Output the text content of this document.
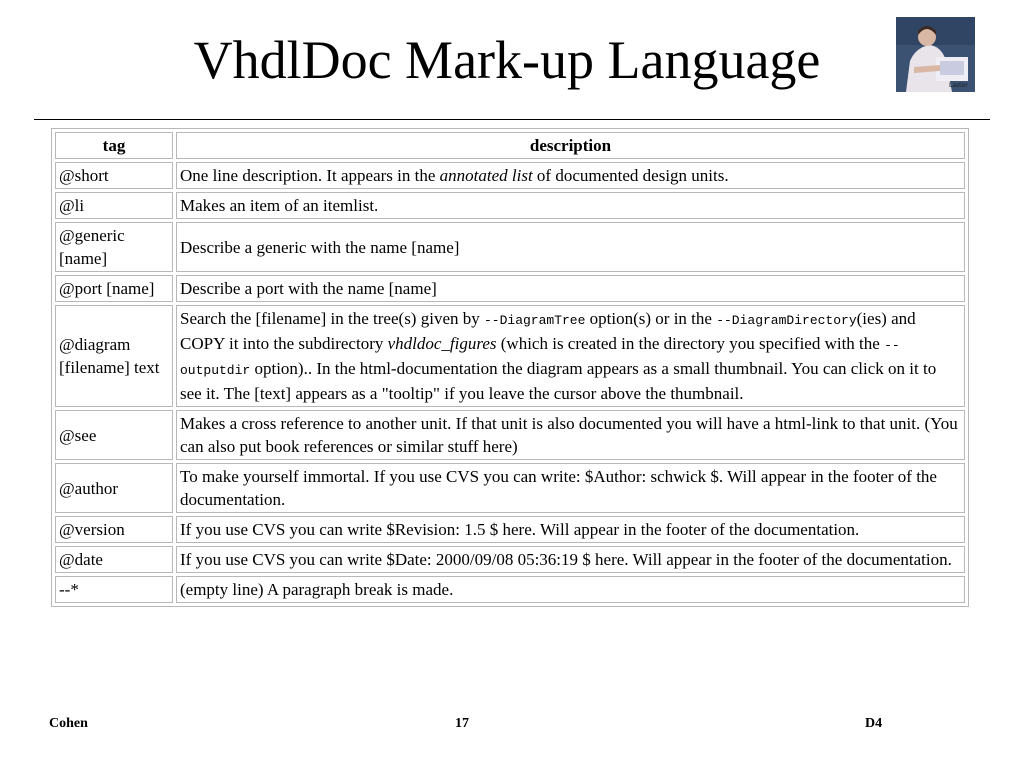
VhdlDoc Mark-up Language	Laster
tag	description
@short	One line description. It appears in the annotated list of documented design units.
@li	Makes an item of an itemlist.
@generic [name]	Describe a generic with the name [name]
@port [name]	Describe a port with the name [name]
@diagram [filename] text	Search the [filename] in the tree(s) given by --DiagramTree option(s) or in the --DiagramDirectory(ies) and COPY it into the subdirectory vhdldoc_figures (which is created in the directory you specified with the --outputdir option).. In the html-documentation the diagram appears as a small thumbnail. You can click on it to see it. The [text] appears as a "tooltip" if you leave the cursor above the thumbnail.
@see	Makes a cross reference to another unit. If that unit is also documented you will have a html-link to that unit. (You can also put book references or similar stuff here)
@author	To make yourself immortal. If you use CVS you can write: $Author: schwick $. Will appear in the footer of the documentation.
@version	If you use CVS you can write $Revision: 1.5 $ here. Will appear in the footer of the documentation.
@date	If you use CVS you can write $Date: 2000/09/08 05:36:19 $ here. Will appear in the footer of the documentation.
--*	(empty line) A paragraph break is made.
Cohen	17	D4
